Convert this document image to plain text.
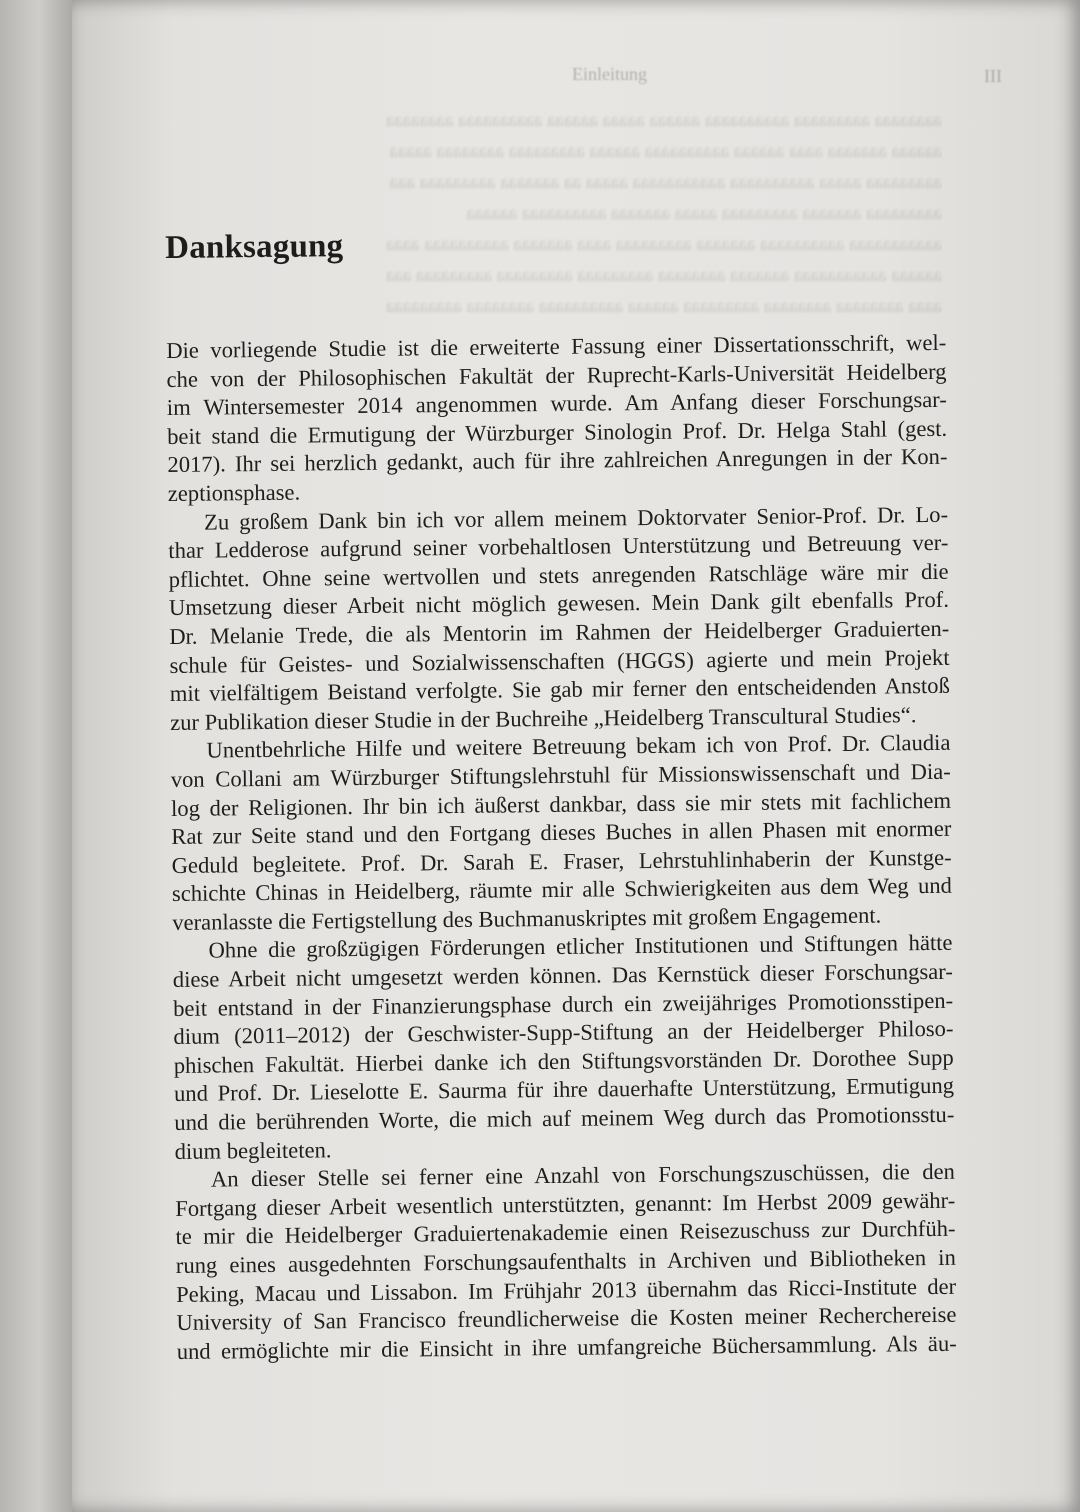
Einleitung	III
aaaaaaaa aaaaaaaaa aaaaaaaaaa aaaaaa aaaaa aaaaaa aaaaaaaaaa aaaaaaaa
aaaaaa aaaaaaa aaaa aaaaaa aaaaaaaaaa aaaaaa aaaaaaaaa aaaaaaaa aaaaa
aaaaaaaaa aaaaa aaaaaaaaaa aaaaaaaaaaa aaaaa aa aaaaaaa aaaaaaaaa aaa
aaaaaaaaa aaaaaaa aaaaaaaaa aaaaa aaaaaaa aaaaaaaaaa aaaaaa
aaaaaaaaaaa aaaaaaaaaa aaaaaaa aaaaaaaaa aaaa aaaaaaa aaaaaaaaaa aaaa
aaaaaa aaaaaaaaaaa aaaaaaa aaaaaaaa aaaaaaaaa aaaaaaaaa aaaaaaaaa aaa
aaaa aaaaaaaa aaaaaaaa aaaaaaaaa aaaaaa aaaaaaaaaa aaaaaaaa aaaaaaaaa
Danksagung

Die vorliegende Studie ist die erweiterte Fassung einer Dissertationsschrift, wel-
che von der Philosophischen Fakultät der Ruprecht-Karls-Universität Heidelberg
im Wintersemester 2014 angenommen wurde. Am Anfang dieser Forschungsar-
beit stand die Ermutigung der Würzburger Sinologin Prof. Dr. Helga Stahl (gest.
2017). Ihr sei herzlich gedankt, auch für ihre zahlreichen Anregungen in der Kon-
zeptionsphase.

Zu großem Dank bin ich vor allem meinem Doktorvater Senior-Prof. Dr. Lo-
thar Ledderose aufgrund seiner vorbehaltlosen Unterstützung und Betreuung ver-
pflichtet. Ohne seine wertvollen und stets anregenden Ratschläge wäre mir die
Umsetzung dieser Arbeit nicht möglich gewesen. Mein Dank gilt ebenfalls Prof.
Dr. Melanie Trede, die als Mentorin im Rahmen der Heidelberger Graduierten-
schule für Geistes- und Sozialwissenschaften (HGGS) agierte und mein Projekt
mit vielfältigem Beistand verfolgte. Sie gab mir ferner den entscheidenden Anstoß
zur Publikation dieser Studie in der Buchreihe „Heidelberg Transcultural Studies“.

Unentbehrliche Hilfe und weitere Betreuung bekam ich von Prof. Dr. Claudia
von Collani am Würzburger Stiftungslehrstuhl für Missionswissenschaft und Dia-
log der Religionen. Ihr bin ich äußerst dankbar, dass sie mir stets mit fachlichem
Rat zur Seite stand und den Fortgang dieses Buches in allen Phasen mit enormer
Geduld begleitete. Prof. Dr. Sarah E. Fraser, Lehrstuhlinhaberin der Kunstge-
schichte Chinas in Heidelberg, räumte mir alle Schwierigkeiten aus dem Weg und
veranlasste die Fertigstellung des Buchmanuskriptes mit großem Engagement.

Ohne die großzügigen Förderungen etlicher Institutionen und Stiftungen hätte
diese Arbeit nicht umgesetzt werden können. Das Kernstück dieser Forschungsar-
beit entstand in der Finanzierungsphase durch ein zweijähriges Promotionsstipen-
dium (2011–2012) der Geschwister-Supp-Stiftung an der Heidelberger Philoso-
phischen Fakultät. Hierbei danke ich den Stiftungsvorständen Dr. Dorothee Supp
und Prof. Dr. Lieselotte E. Saurma für ihre dauerhafte Unterstützung, Ermutigung
und die berührenden Worte, die mich auf meinem Weg durch das Promotionsstu-
dium begleiteten.

An dieser Stelle sei ferner eine Anzahl von Forschungszuschüssen, die den
Fortgang dieser Arbeit wesentlich unterstützten, genannt: Im Herbst 2009 gewähr-
te mir die Heidelberger Graduiertenakademie einen Reisezuschuss zur Durchfüh-
rung eines ausgedehnten Forschungsaufenthalts in Archiven und Bibliotheken in
Peking, Macau und Lissabon. Im Frühjahr 2013 übernahm das Ricci-Institute der
University of San Francisco freundlicherweise die Kosten meiner Recherchereise
und ermöglichte mir die Einsicht in ihre umfangreiche Büchersammlung. Als äu-
